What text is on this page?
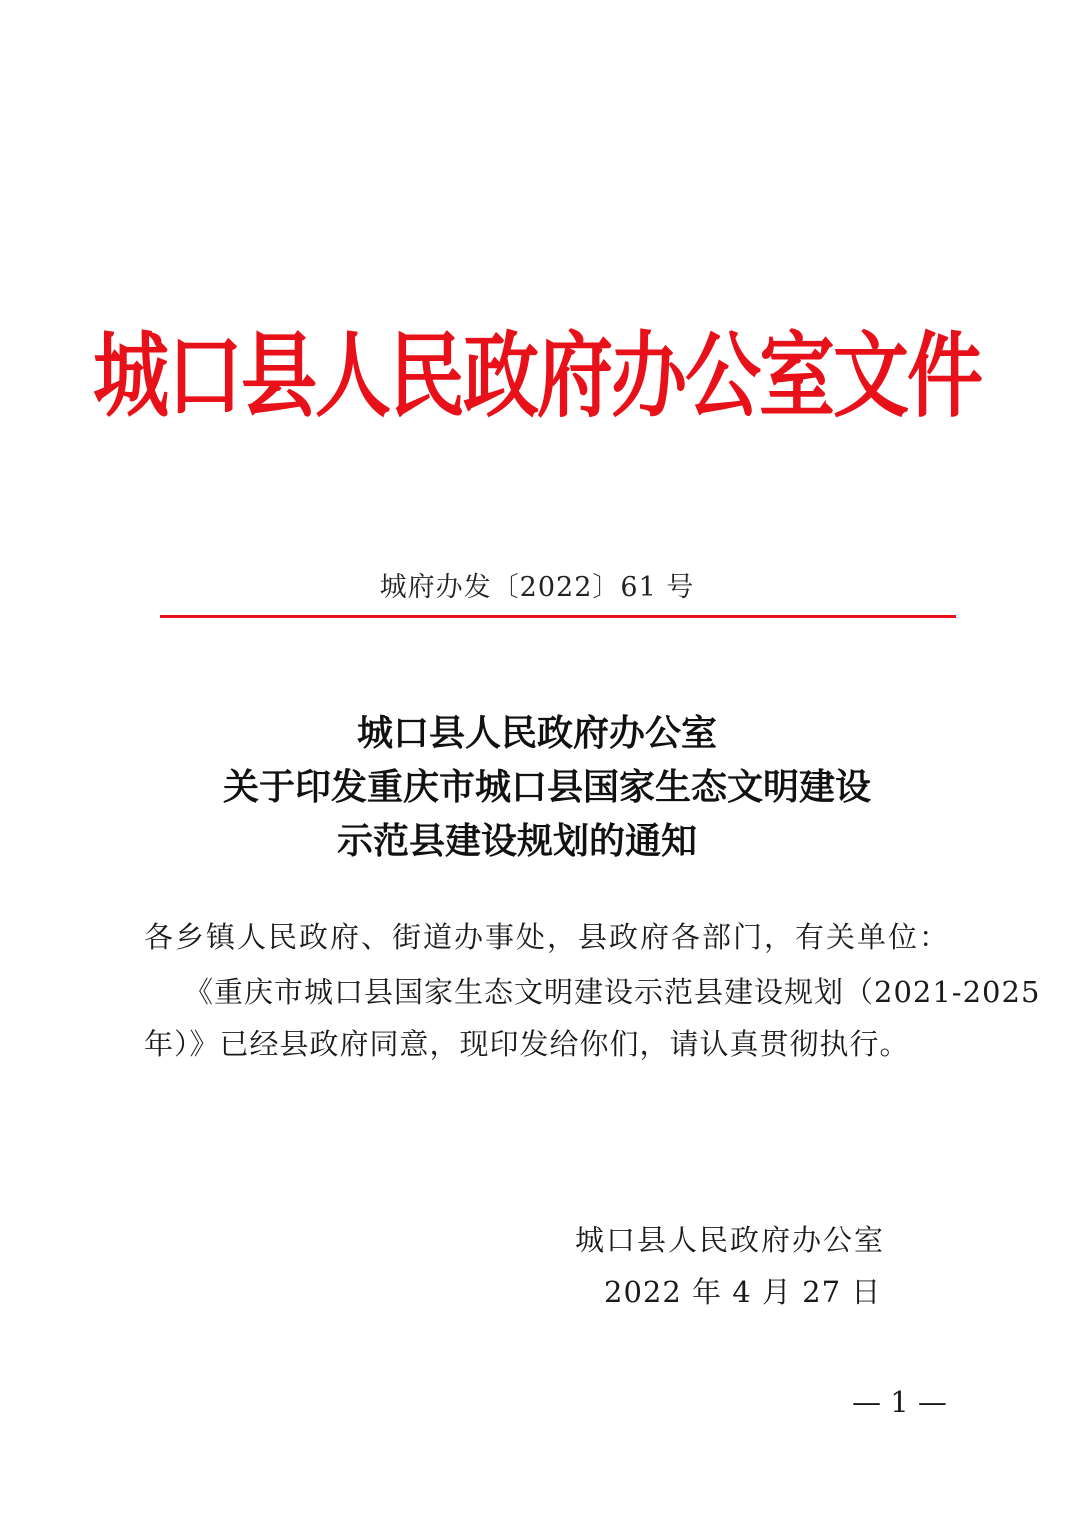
城口县人民政府办公室文件
城府办发〔2022〕61 号
城口县人民政府办公室
关于印发重庆市城口县国家生态文明建设
示范县建设规划的通知
各乡镇人民政府、街道办事处，县政府各部门，有关单位：
《重庆市城口县国家生态文明建设示范县建设规划（2021-2025
年）》已经县政府同意，现印发给你们，请认真贯彻执行。
城口县人民政府办公室
2022 年 4 月 27 日
— 1 —
